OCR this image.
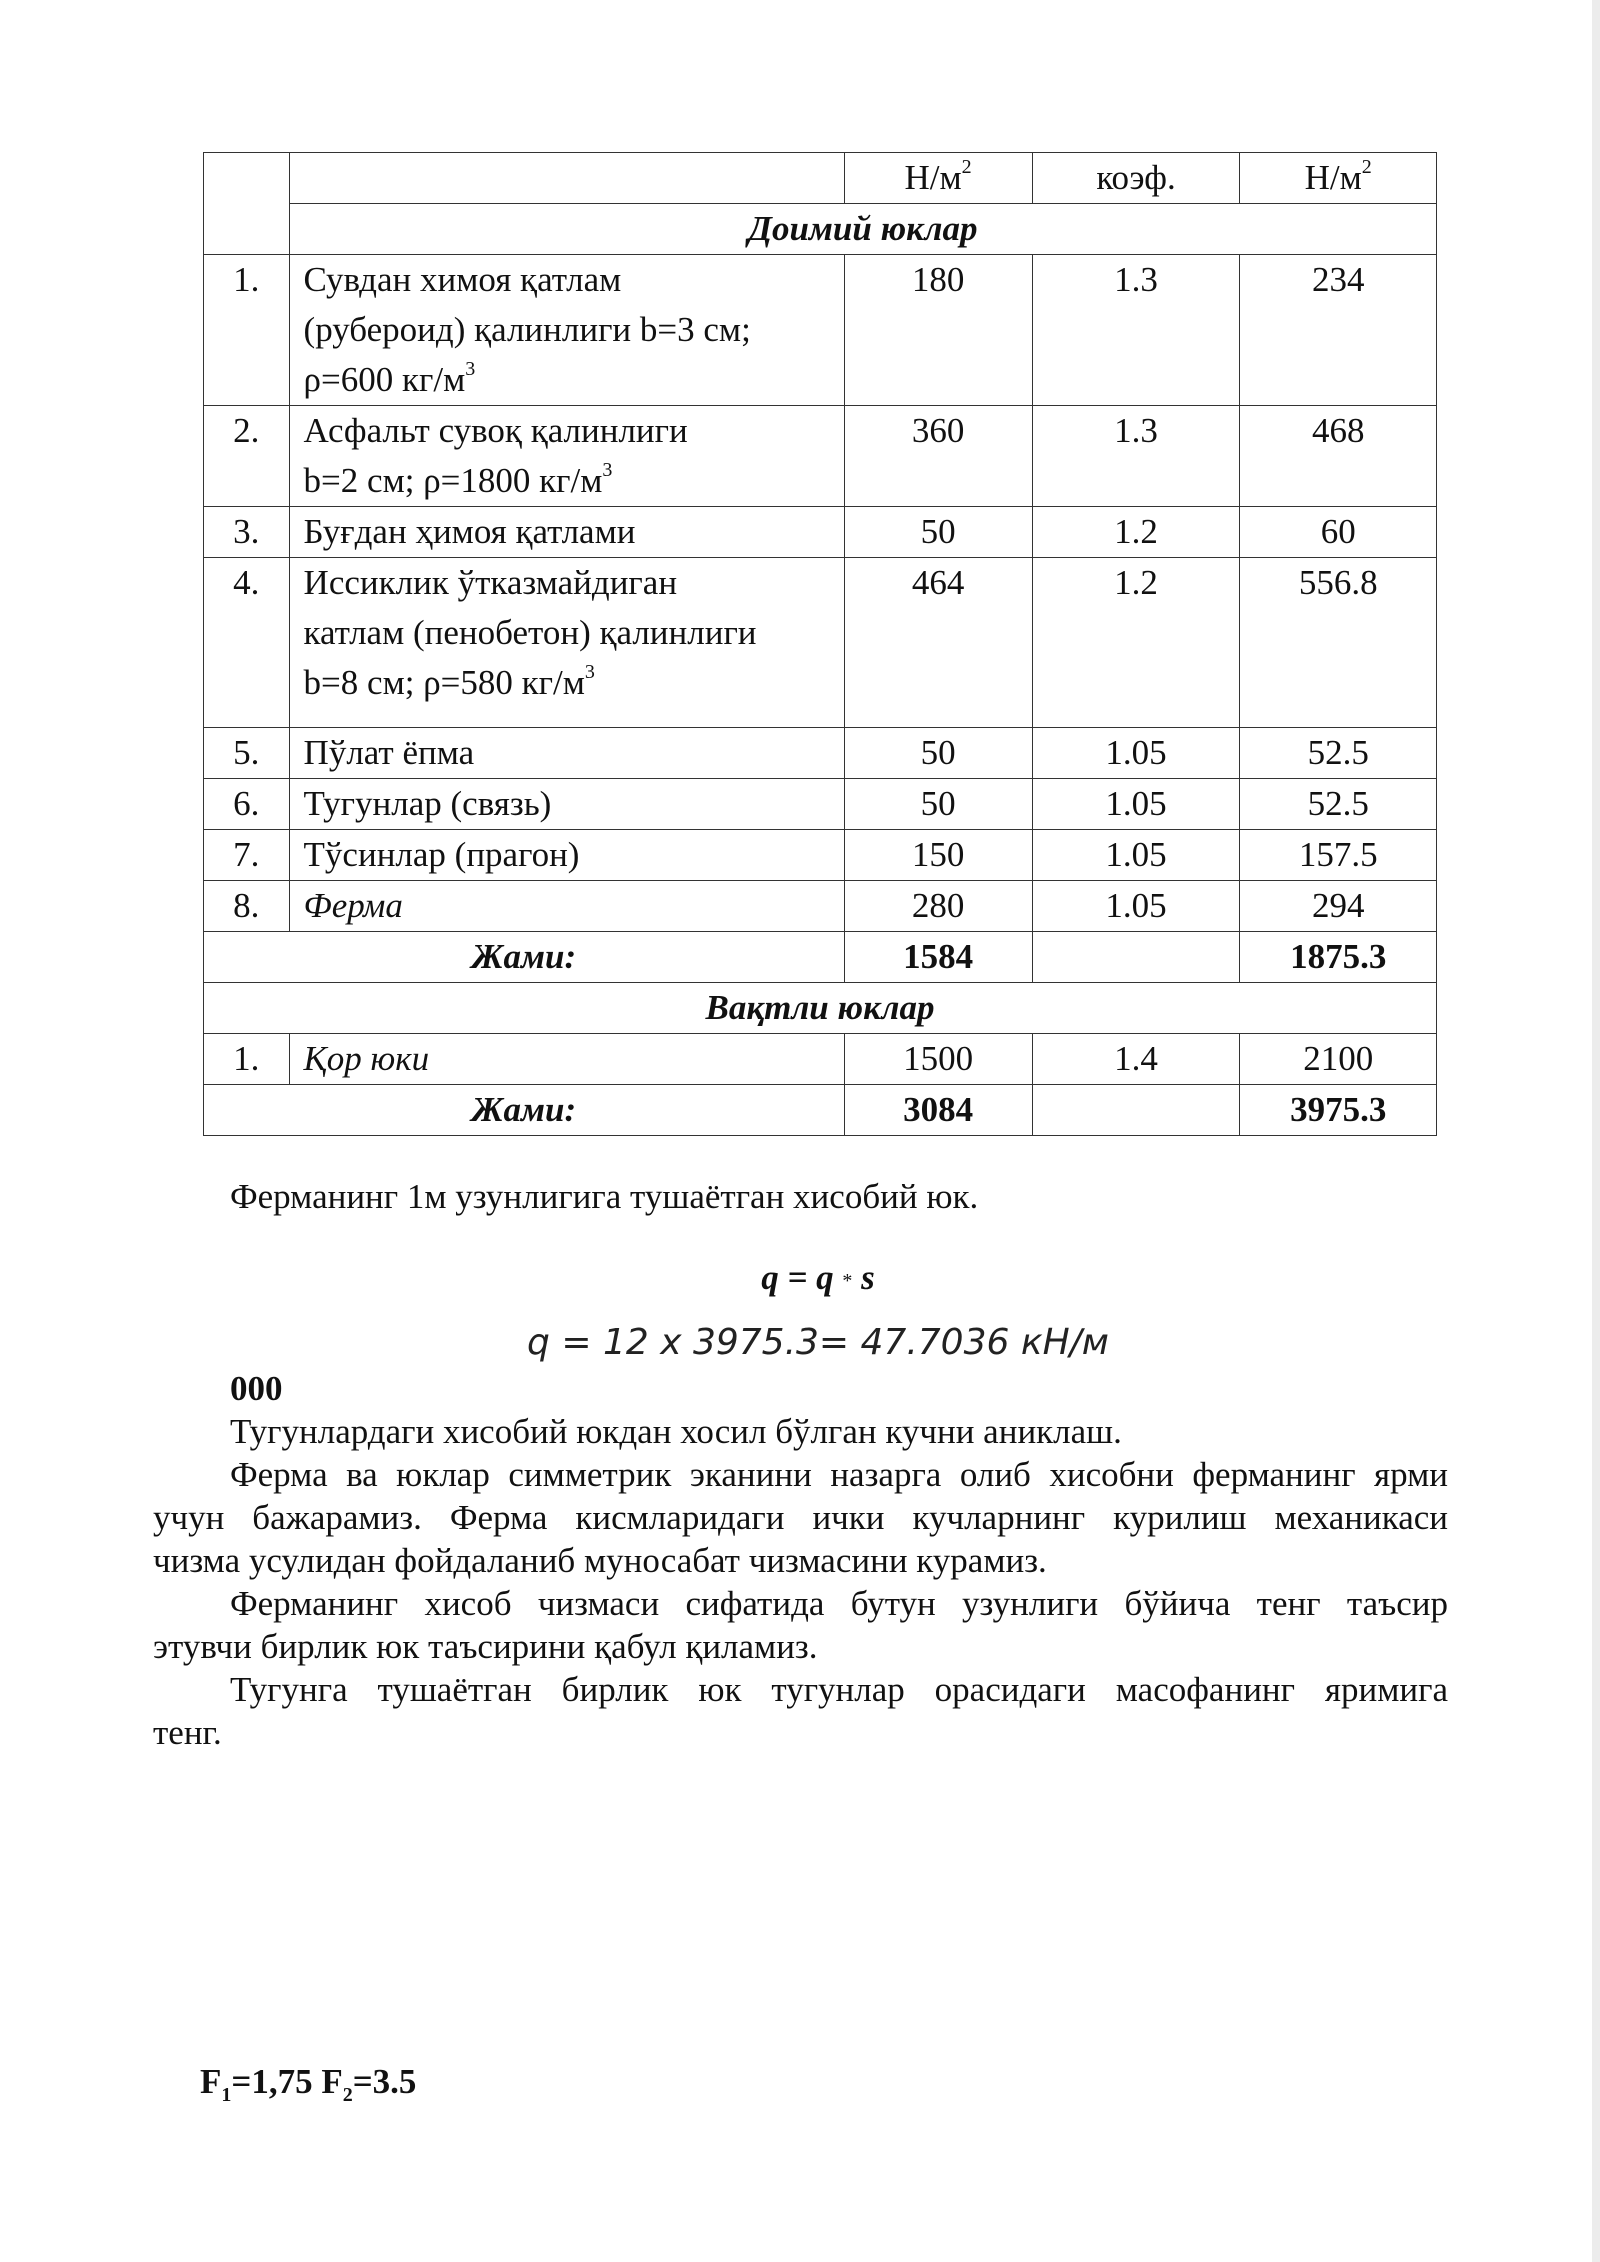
		$Н/м^2$	коэф.	$Н/м^2$
	Доимий юклар			
1.	Сувдан химоя қатлам
(рубероид) қалинлиги b=3 см;
ρ=600 $кг/м^3$	180	1.3	234
2.	Асфальт сувоқ қалинлиги
b=2 см; ρ=1800 $кг/м^3$	360	1.3	468
3.	Буғдан ҳимоя қатлами	50	1.2	60
4.	Иссиклик ўтказмайдиган
катлам (пенобетон) қалинлиги
b=8 см; ρ=580 $кг/м^3$	464	1.2	556.8
5.	Пўлат ёпма	50	1.05	52.5
6.	Тугунлар (связь)	50	1.05	52.5
7.	Тўсинлар (прагон)	150	1.05	157.5
8.	Ферма	280	1.05	294
Жами:		1584		1875.3
Вақтли юклар				
1.	Қор юки	1500	1.4	2100
Жами:		3084		3975.3

Ферманинг 1м узунлигига тушаётган хисобий юк.

q = q * s
q = 12 x 3975.3= 47.7036 кН/м

000

Тугунлардаги хисобий юкдан хосил бўлган кучни аниклаш.

Ферма ва юклар симметрик эканини назарга олиб хисобни ферманинг ярми

учун бажарамиз. Ферма кисмларидаги ички кучларнинг курилиш механикаси

чизма усулидан фойдаланиб муносабат чизмасини курамиз.

Ферманинг хисоб чизмаси сифатида бутун узунлиги бўйича тенг таъсир

этувчи бирлик юк таъсирини қабул қиламиз.

Тугунга тушаётган бирлик юк тугунлар орасидаги масофанинг яримига

тенг.

$F_1=1,75$ $F_2=3.5$
